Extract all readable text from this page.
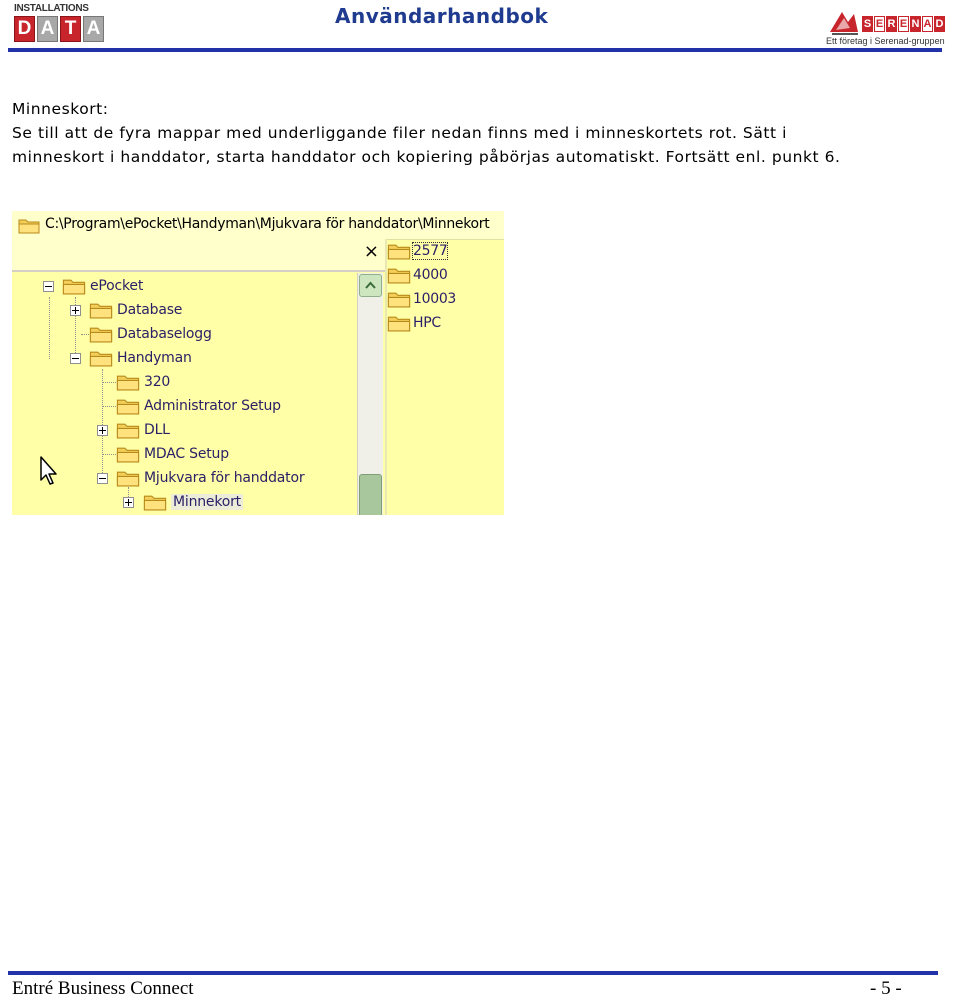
INSTALLATIONS
D A T A
Användarhandbok	S E R E N A D
Ett företag i Serenad-gruppen
Minneskort:
Se till att de fyra mappar med underliggande filer nedan finns med i minneskortets rot. Sätt i
minneskort i handdator, starta handdator och kopiering påbörjas automatiskt. Fortsätt enl. punkt 6.
C:\Program\ePocket\Handyman\Mjukvara för handdator\Minnekort
×
ePocket
Database
Databaselogg
Handyman
320
Administrator Setup
DLL
MDAC Setup
Mjukvara för handdator
Minnekort
2577
4000
10003
HPC
Entré Business Connect	- 5 -
